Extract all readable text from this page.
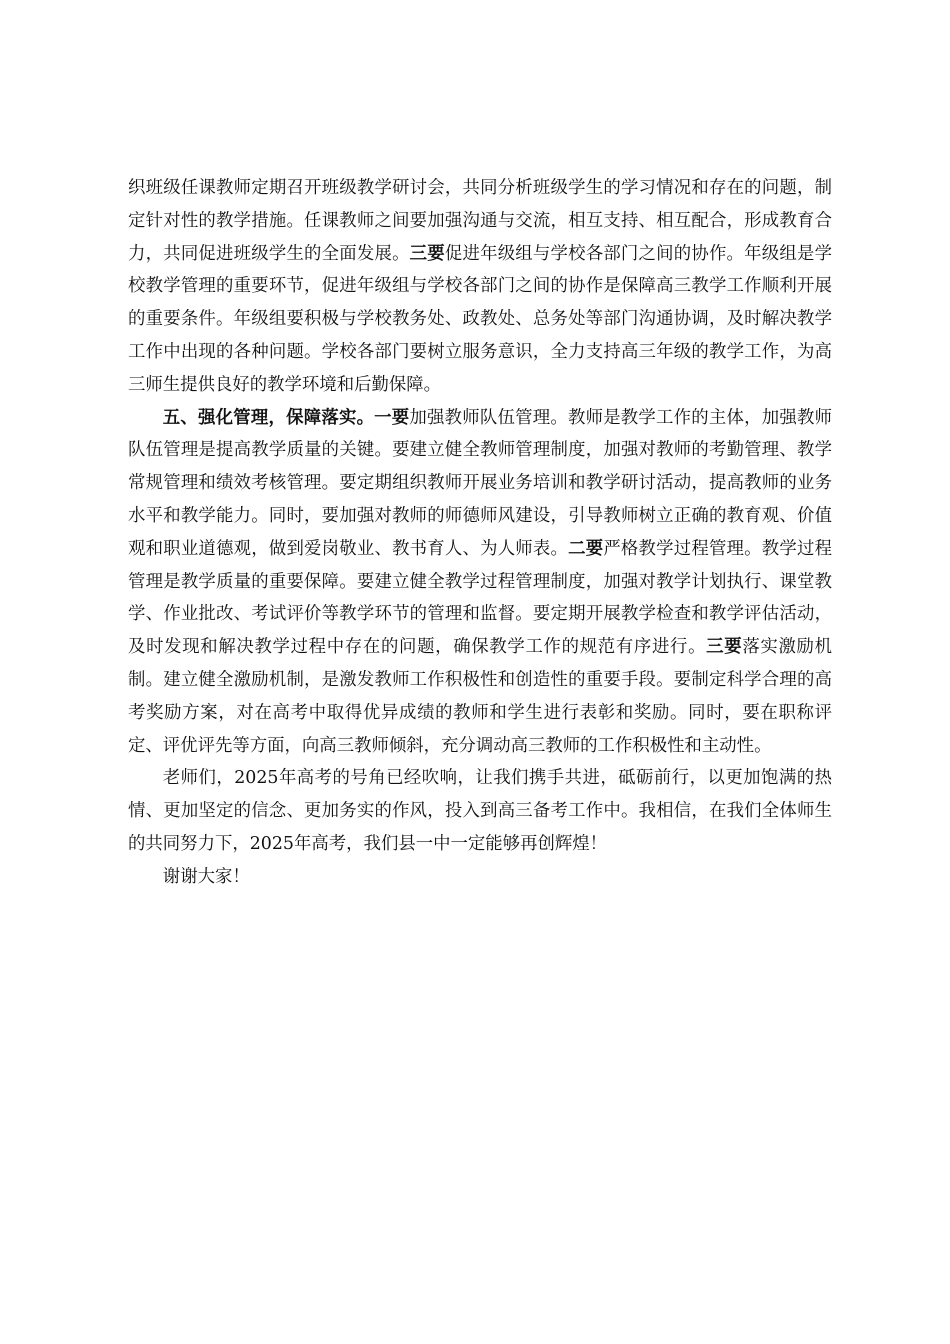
织班级任课教师定期召开班级教学研讨会，共同分析班级学生的学习情况和存在的问题，制定针对性的教学措施。任课教师之间要加强沟通与交流，相互支持、相互配合，形成教育合力，共同促进班级学生的全面发展。三要促进年级组与学校各部门之间的协作。年级组是学校教学管理的重要环节，促进年级组与学校各部门之间的协作是保障高三教学工作顺利开展的重要条件。年级组要积极与学校教务处、政教处、总务处等部门沟通协调，及时解决教学工作中出现的各种问题。学校各部门要树立服务意识，全力支持高三年级的教学工作，为高三师生提供良好的教学环境和后勤保障。

五、强化管理，保障落实。一要加强教师队伍管理。教师是教学工作的主体，加强教师队伍管理是提高教学质量的关键。要建立健全教师管理制度，加强对教师的考勤管理、教学常规管理和绩效考核管理。要定期组织教师开展业务培训和教学研讨活动，提高教师的业务水平和教学能力。同时，要加强对教师的师德师风建设，引导教师树立正确的教育观、价值观和职业道德观，做到爱岗敬业、教书育人、为人师表。二要严格教学过程管理。教学过程管理是教学质量的重要保障。要建立健全教学过程管理制度，加强对教学计划执行、课堂教学、作业批改、考试评价等教学环节的管理和监督。要定期开展教学检查和教学评估活动，及时发现和解决教学过程中存在的问题，确保教学工作的规范有序进行。三要落实激励机制。建立健全激励机制，是激发教师工作积极性和创造性的重要手段。要制定科学合理的高考奖励方案，对在高考中取得优异成绩的教师和学生进行表彰和奖励。同时，要在职称评定、评优评先等方面，向高三教师倾斜，充分调动高三教师的工作积极性和主动性。

老师们，2025年高考的号角已经吹响，让我们携手共进，砥砺前行，以更加饱满的热情、更加坚定的信念、更加务实的作风，投入到高三备考工作中。我相信，在我们全体师生的共同努力下，2025年高考，我们县一中一定能够再创辉煌！

谢谢大家！
